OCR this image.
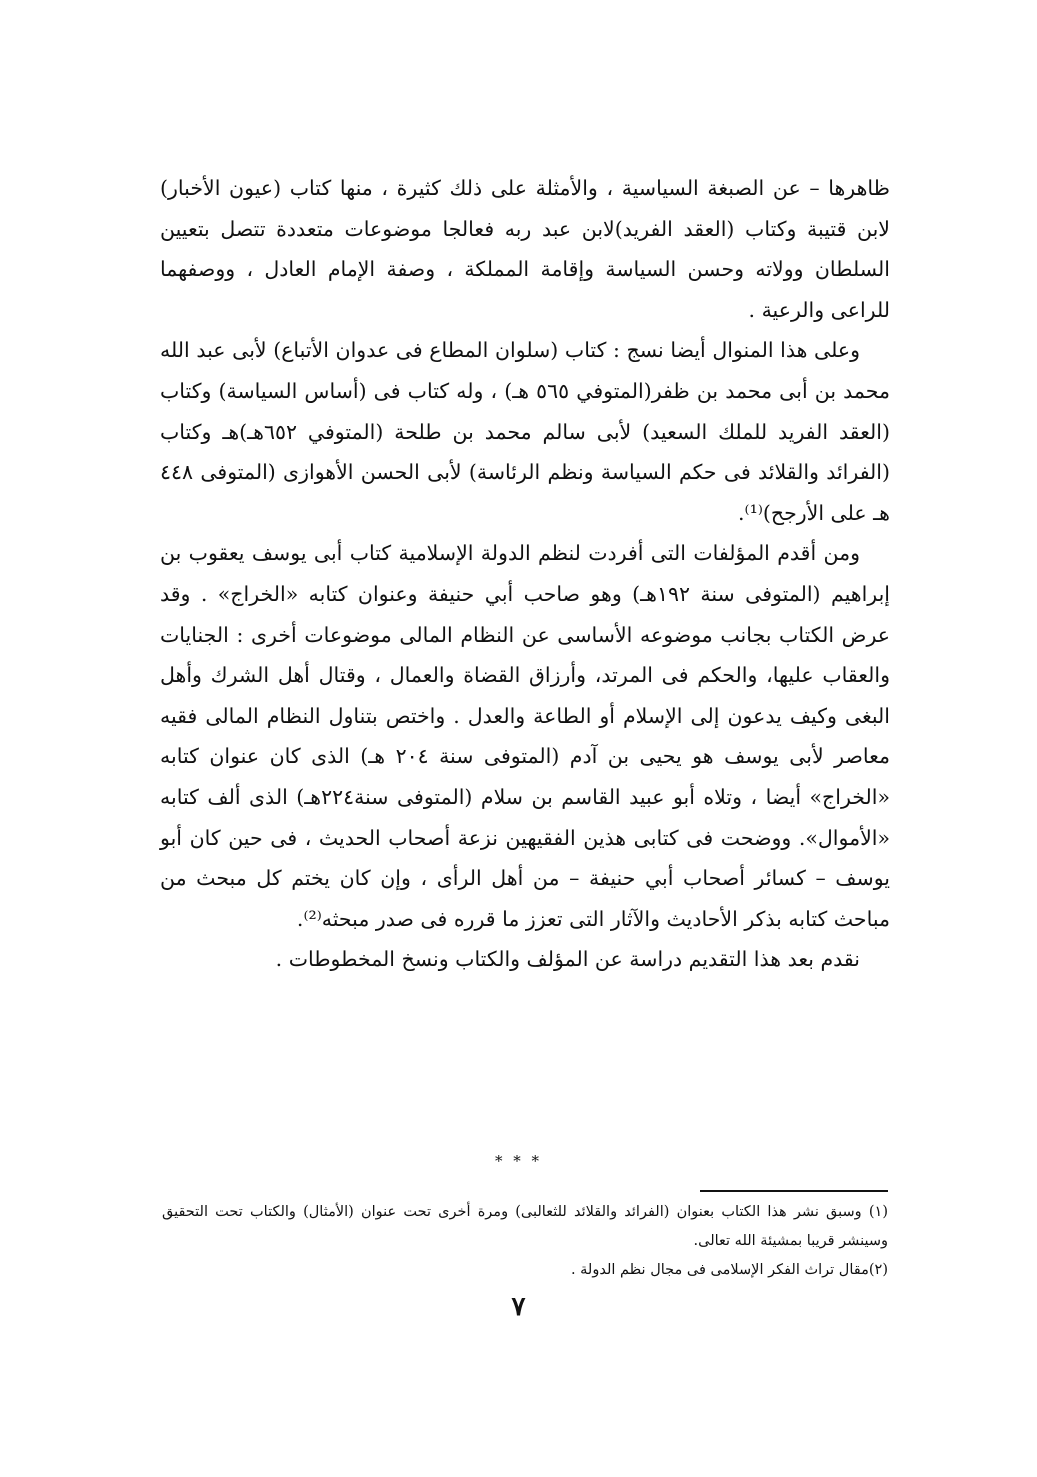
ظاهرها – عن الصبغة السياسية ، والأمثلة على ذلك كثيرة ، منها كتاب (عيون الأخبار) لابن قتيبة وكتاب (العقد الفريد)لابن عبد ربه فعالجا موضوعات متعددة تتصل بتعيين السلطان وولاته وحسن السياسة وإقامة المملكة ، وصفة الإمام العادل ، ووصفهما للراعى والرعية .

وعلى هذا المنوال أيضا نسج : كتاب (سلوان المطاع فى عدوان الأتباع) لأبى عبد الله محمد بن أبى محمد بن ظفر(المتوفي ٥٦٥ هـ) ، وله كتاب فى (أساس السياسة) وكتاب (العقد الفريد للملك السعيد) لأبى سالم محمد بن طلحة (المتوفي ٦٥٢هـ)هـ وكتاب (الفرائد والقلائد فى حكم السياسة ونظم الرئاسة) لأبى الحسن الأهوازى (المتوفى ٤٤٨ هـ على الأرجح)⁽¹⁾.

ومن أقدم المؤلفات التى أفردت لنظم الدولة الإسلامية كتاب أبى يوسف يعقوب بن إبراهيم (المتوفى سنة ١٩٢هـ) وهو صاحب أبي حنيفة وعنوان كتابه «الخراج» . وقد عرض الكتاب بجانب موضوعه الأساسى عن النظام المالى موضوعات أخرى : الجنايات والعقاب عليها، والحكم فى المرتد، وأرزاق القضاة والعمال ، وقتال أهل الشرك وأهل البغى وكيف يدعون إلى الإسلام أو الطاعة والعدل . واختص بتناول النظام المالى فقيه معاصر لأبى يوسف هو يحيى بن آدم (المتوفى سنة ٢٠٤ هـ) الذى كان عنوان كتابه «الخراج» أيضا ، وتلاه أبو عبيد القاسم بن سلام (المتوفى سنة٢٢٤هـ) الذى ألف كتابه «الأموال». ووضحت فى كتابى هذين الفقيهين نزعة أصحاب الحديث ، فى حين كان أبو يوسف – كسائر أصحاب أبي حنيفة – من أهل الرأى ، وإن كان يختم كل مبحث من مباحث كتابه بذكر الأحاديث والآثار التى تعزز ما قرره فى صدر مبحثه⁽²⁾.

نقدم بعد هذا التقديم دراسة عن المؤلف والكتاب ونسخ المخطوطات .

* * *

(١) وسبق نشر هذا الكتاب بعنوان (الفرائد والقلائد للثعالبى) ومرة أخرى تحت عنوان (الأمثال) والكتاب تحت التحقيق وسينشر قريبا بمشيئة الله تعالى.

(٢)مقال تراث الفكر الإسلامى فى مجال نظم الدولة .

٧
